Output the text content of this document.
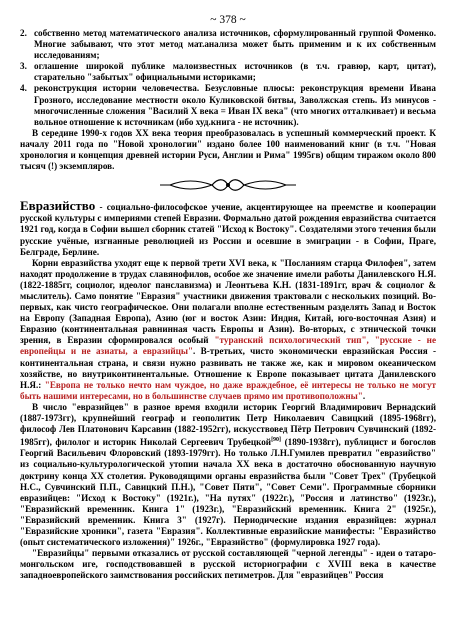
~ 378 ~
2. собственно метод математического анализа источников, сформулированный группой Фоменко. Многие забывают, что этот метод мат.анализа может быть применим и к их собственным исследованиям;
3. оглашение широкой публике малоизвестных источников (в т.ч. гравюр, карт, цитат), старательно "забытых" официальными историками;
4. реконструкция истории человечества. Безусловные плюсы: реконструкция времени Ивана Грозного, исследование местности около Куликовской битвы, Заволжская степь. Из минусов - многочисленные сложения "Василий X века = Иван IX века" (что многих отталкивает) и весьма вольное отношение к источникам (ибо худ.книга - не источник).

В середине 1990-х годов XX века теория преобразовалась в успешный коммерческий проект. К началу 2011 года по "Новой хронологии" издано более 100 наименований книг (в т.ч. "Новая хронология и концепция древней истории Руси, Англии и Рима" 1995гв) общим тиражом около 800 тысяч (!) экземпляров.

Евразийство - социально-философское учение, акцентирующее на преемстве и кооперации русской культуры с империями степей Евразии. Формально датой рождения евразийства считается 1921 год, когда в Софии вышел сборник статей "Исход к Востоку". Создателями этого течения были русские учёные, изгнанные революцией из России и осевшие в эмиграции - в Софии, Праге, Белграде, Берлине.

Корни евразийства уходят еще к первой трети XVI века, к "Посланиям старца Филофея", затем находят продолжение в трудах славянофилов, особое же значение имели работы Данилевского Н.Я. (1822-1885гг, социолог, идеолог панславизма) и Леонтьева К.Н. (1831-1891гг, врач & социолог & мыслитель). Само понятие "Евразия" участники движения трактовали с нескольких позиций. Во-первых, как чисто географическое. Они полагали вполне естественным разделять Запад и Восток на Европу (Западная Европа), Азию (юг и восток Азии: Индия, Китай, юго-восточная Азия) и Евразию (континентальная равнинная часть Европы и Азии). Во-вторых, с этнической точки зрения, в Евразии сформировался особый "туранский психологический тип", "русские - не европейцы и не азиаты, а евразийцы". В-третьих, чисто экономически евразийская Россия - континентальная страна, и связи нужно развивать не также же, как и мировом океаническом хозяйстве, но внутриконтинентальные. Отношение к Европе показывает цитата Данилевского Н.Я.: "Европа не только нечто нам чуждое, но даже враждебное, её интересы не только не могут быть нашими интересами, но в большинстве случаев прямо им противоположны".

В число "евразийцев" в разное время входили историк Георгий Владимирович Вернадский (1887-1973гг), крупнейший географ и геополитик Петр Николаевич Савицкий (1895-1968гг), философ Лев Платонович Карсавин (1882-1952гг), искусствовед Пётр Петрович Сувчинский (1892-1985гг), филолог и историк Николай Сергеевич Трубецкой[90] (1890-1938гг), публицист и богослов Георгий Васильевич Флоровский (1893-1979гг). Но только Л.Н.Гумилев превратил "евразийство" из социально-культурологической утопии начала XX века в достаточно обоснованную научную доктрину конца XX столетия. Руководящими органы евразийства были "Совет Трех" (Трубецкой Н.С., Сувчинский П.П., Савицкий П.Н.), "Совет Пяти", "Совет Семи". Программные сборники евразийцев: "Исход к Востоку" (1921г.), "На путях" (1922г.), "Россия и латинство" (1923г.), "Евразийский временник. Книга 1" (1923г.), "Евразийский временник. Книга 2" (1925г.), "Евразийский временник. Книга 3" (1927г). Периодические издания евразийцев: журнал "Евразийские хроники", газета "Евразия". Коллективные евразийские манифесты: "Евразийство (опыт систематического изложения)" 1926г., "Евразийство" (формулировка 1927 года).

"Евразийцы" первыми отказались от русской составляющей "черной легенды" - идеи о татаро-монгольском иге, господствовавшей в русской историографии с XVIII века в качестве западноевропейского заимствования российских петиметров. Для "евразийцев" Россия
